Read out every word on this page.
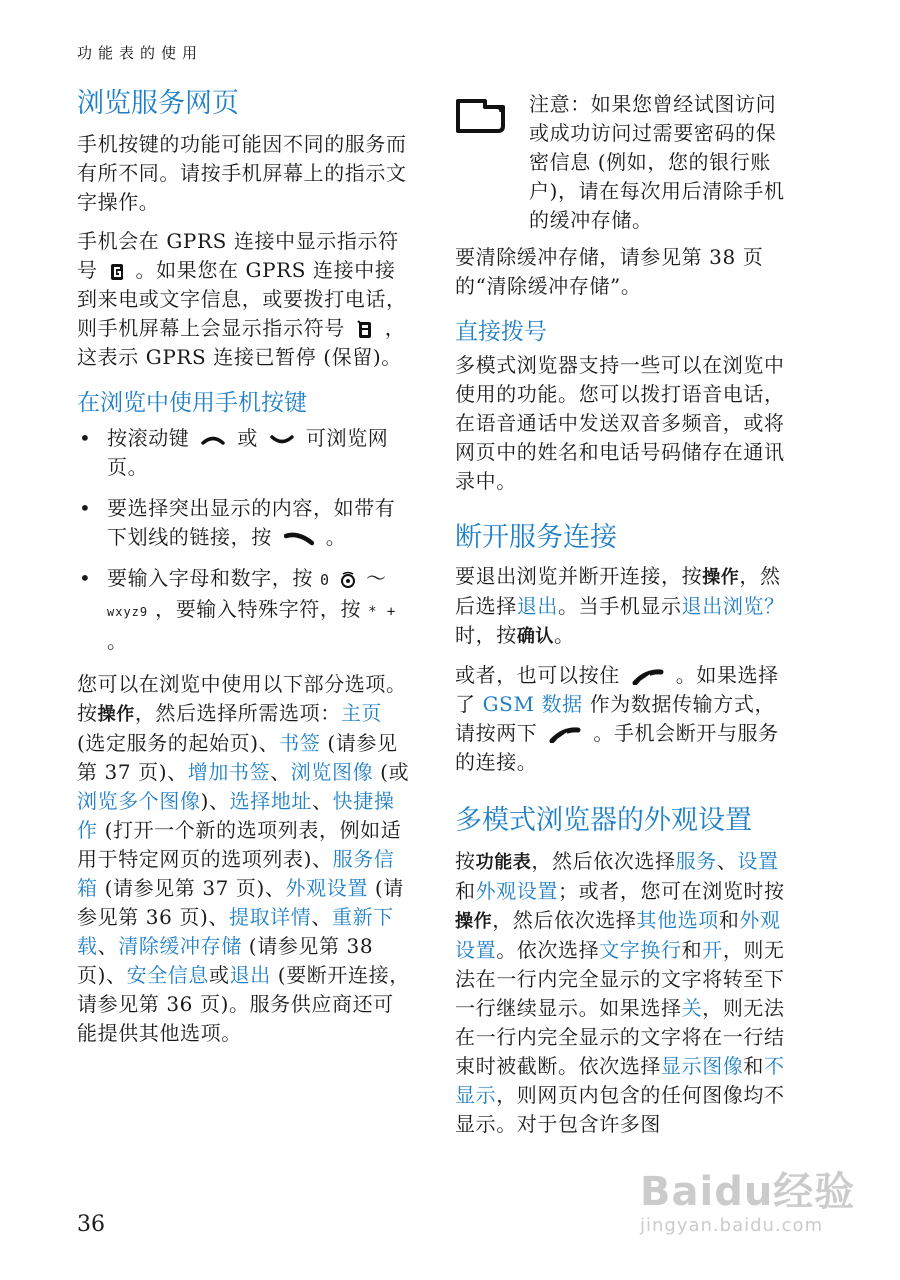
功能表的使用
浏览服务网页

手机按键的功能可能因不同的服务而有所不同。请按手机屏幕上的指示文字操作。

手机会在 GPRS 连接中显示指示符号 。如果您在 GPRS 连接中接到来电或文字信息，或要拨打电话，则手机屏幕上会显示指示符号 ，这表示 GPRS 连接已暂停 (保留)。

在浏览中使用手机按键
• 按滚动键 或 可浏览网页。
• 要选择突出显示的内容，如带有下划线的链接，按	。
• 要输入字母和数字，按 0 ～ wxyz9 ，要输入特殊字符，按 * + 。

您可以在浏览中使用以下部分选项。按操作，然后选择所需选项：主页 (选定服务的起始页)、书签 (请参见第 37 页)、增加书签、浏览图像 (或浏览多个图像)、选择地址、快捷操作 (打开一个新的选项列表，例如适用于特定网页的选项列表)、服务信箱 (请参见第 37 页)、外观设置 (请参见第 36 页)、提取详情、重新下载、清除缓冲存储 (请参见第 38 页)、安全信息或退出 (要断开连接，请参见第 36 页)。服务供应商还可能提供其他选项。

注意：如果您曾经试图访问或成功访问过需要密码的保密信息 (例如，您的银行账户)，请在每次用后清除手机的缓冲存储。

要清除缓冲存储，请参见第 38 页的“清除缓冲存储”。

直接拨号

多模式浏览器支持一些可以在浏览中使用的功能。您可以拨打语音电话，在语音通话中发送双音多频音，或将网页中的姓名和电话号码储存在通讯录中。

断开服务连接

要退出浏览并断开连接，按操作，然后选择退出。当手机显示退出浏览？时，按确认。

或者，也可以按住	。如果选择了 GSM 数据 作为数据传输方式，请按两下	。手机会断开与服务的连接。

多模式浏览器的外观设置

按功能表，然后依次选择服务、设置和外观设置；或者，您可在浏览时按操作，然后依次选择其他选项和外观设置。依次选择文字换行和开，则无法在一行内完全显示的文字将转至下一行继续显示。如果选择关，则无法在一行内完全显示的文字将在一行结束时被截断。依次选择显示图像和不显示，则网页内包含的任何图像均不显示。对于包含许多图

36
Baidu经验
jingyan.baidu.com
